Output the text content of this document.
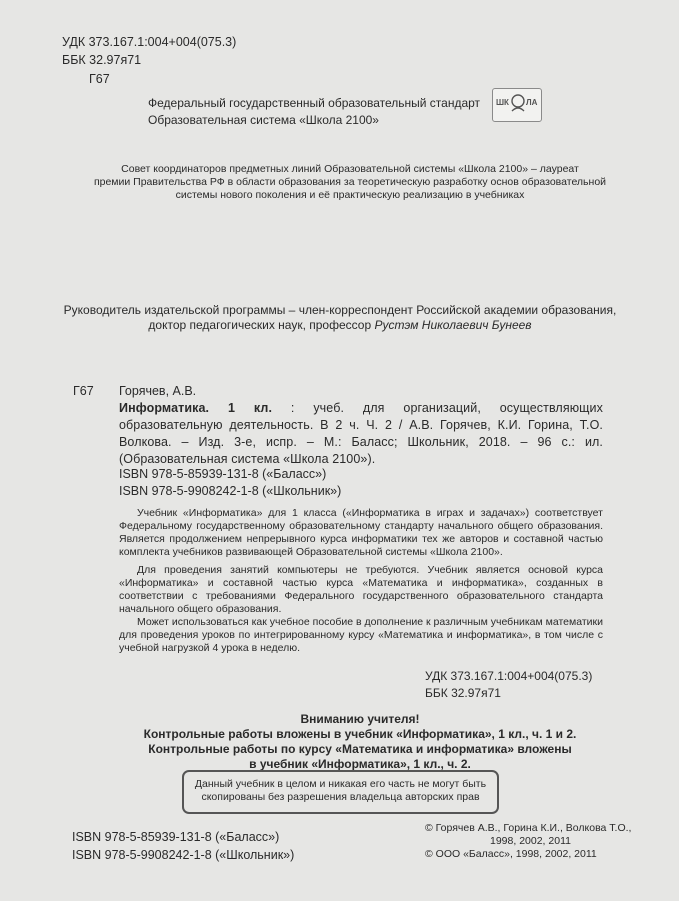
УДК 373.167.1:004+004(075.3)
ББК 32.97я71
Г67
Федеральный государственный образовательный стандарт
Образовательная система «Школа 2100»
ШК ЛА

Совет координаторов предметных линий Образовательной системы «Школа 2100» – лауреат

премии Правительства РФ в области образования за теоретическую разработку основ образовательной

системы нового поколения и её практическую реализацию в учебниках

Руководитель издательской программы – член-корреспондент Российской академии образования,

доктор педагогических наук, профессор Рустэм Николаевич Бунеев

Г67 Горячев, А.В.
Информатика. 1 кл. : учеб. для организаций, осуществляющих образовательную деятельность. В 2 ч. Ч. 2 / А.В. Горячев, К.И. Горина, Т.О. Волкова. – Изд. 3-е, испр. – М.: Баласс; Школьник, 2018. – 96 с.: ил. (Образовательная система «Школа 2100»).
ISBN 978-5-85939-131-8 («Баласс»)
ISBN 978-5-9908242-1-8 («Школьник»)

Учебник «Информатика» для 1 класса («Информатика в играх и задачах») соответствует Федеральному государственному образовательному стандарту начального общего образования. Является продолжением непрерывного курса информатики тех же авторов и составной частью комплекта учебников развивающей Образовательной системы «Школа 2100».

Для проведения занятий компьютеры не требуются. Учебник является основой курса «Информатика» и составной частью курса «Математика и информатика», созданных в соответствии с требованиями Федерального государственного образовательного стандарта начального общего образования.

Может использоваться как учебное пособие в дополнение к различным учебникам математики для проведения уроков по интегрированному курсу «Математика и информатика», в том числе с учебной нагрузкой 4 урока в неделю.

УДК 373.167.1:004+004(075.3)
ББК 32.97я71

Вниманию учителя!

Контрольные работы вложены в учебник «Информатика», 1 кл., ч. 1 и 2.

Контрольные работы по курсу «Математика и информатика» вложены

в учебник «Информатика», 1 кл., ч. 2.

Данный учебник в целом и никакая его часть не могут быть

скопированы без разрешения владельца авторских прав

ISBN 978-5-85939-131-8 («Баласс»)
ISBN 978-5-9908242-1-8 («Школьник»)
© Горячев А.В., Горина К.И., Волкова Т.О.,
1998, 2002, 2011
© ООО «Баласс», 1998, 2002, 2011
